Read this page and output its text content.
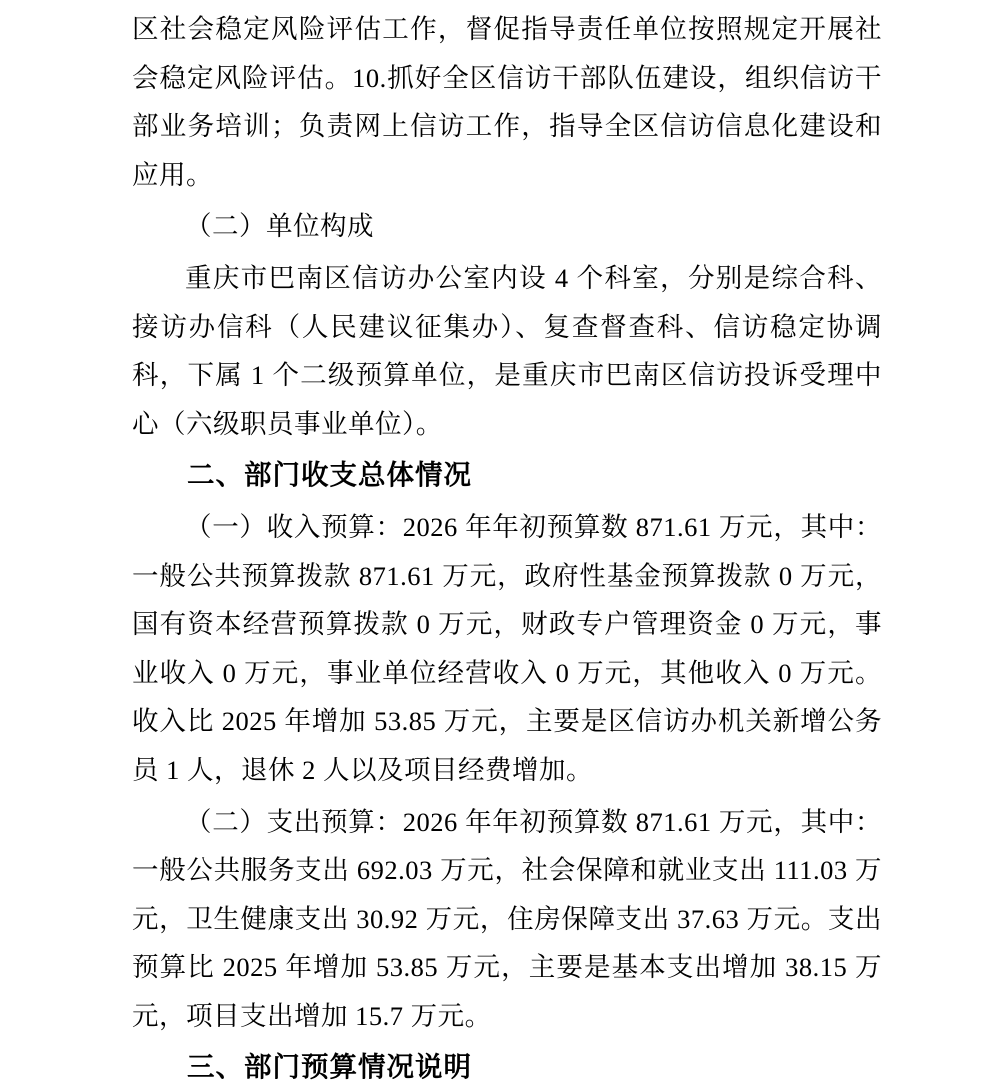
区社会稳定风险评估工作，督促指导责任单位按照规定开展社会稳定风险评估。10.抓好全区信访干部队伍建设，组织信访干部业务培训；负责网上信访工作，指导全区信访信息化建设和应用。

（二）单位构成

重庆市巴南区信访办公室内设 4 个科室，分别是综合科、接访办信科（人民建议征集办）、复查督查科、信访稳定协调科，下属 1 个二级预算单位，是重庆市巴南区信访投诉受理中心（六级职员事业单位）。

二、部门收支总体情况

（一）收入预算：2026 年年初预算数 871.61 万元，其中：一般公共预算拨款 871.61 万元，政府性基金预算拨款 0 万元，国有资本经营预算拨款 0 万元，财政专户管理资金 0 万元，事业收入 0 万元，事业单位经营收入 0 万元，其他收入 0 万元。收入比 2025 年增加 53.85 万元，主要是区信访办机关新增公务员 1 人，退休 2 人以及项目经费增加。

（二）支出预算：2026 年年初预算数 871.61 万元，其中：一般公共服务支出 692.03 万元，社会保障和就业支出 111.03 万元，卫生健康支出 30.92 万元，住房保障支出 37.63 万元。支出预算比 2025 年增加 53.85 万元，主要是基本支出增加 38.15 万元，项目支出增加 15.7 万元。

三、部门预算情况说明
